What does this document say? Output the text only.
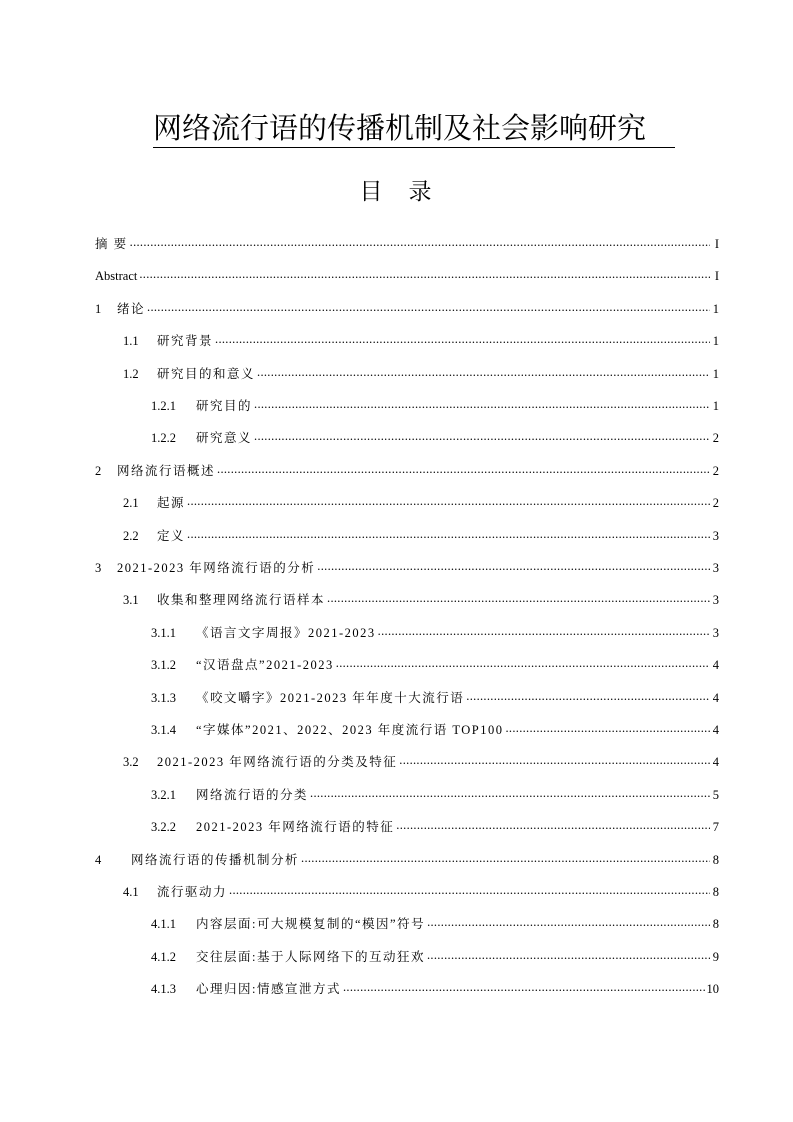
网络流行语的传播机制及社会影响研究
目 录
摘 要 .....	I
Abstract .....	I
1	绪论 .....	1
1.1	研究背景 .....	1
1.2	研究目的和意义 .....	1
1.2.1	研究目的 .....	1
1.2.2	研究意义 .....	2
2	网络流行语概述 .....	2
2.1	起源 .....	2
2.2	定义 .....	3
3	2021-2023 年网络流行语的分析 .....	3
3.1	收集和整理网络流行语样本 .....	3
3.1.1	《语言文字周报》2021-2023 .....	3
3.1.2	“汉语盘点”2021-2023 .....	4
3.1.3	《咬文嚼字》2021-2023 年年度十大流行语 .....	4
3.1.4	“字媒体”2021、2022、2023 年度流行语 TOP100 .....	4
3.2	2021-2023 年网络流行语的分类及特征 .....	4
3.2.1	网络流行语的分类 .....	5
3.2.2	2021-2023 年网络流行语的特征 .....	7
4	网络流行语的传播机制分析 .....	8
4.1	流行驱动力 .....	8
4.1.1	内容层面:可大规模复制的“模因”符号 .....	8
4.1.2	交往层面:基于人际网络下的互动狂欢 .....	9
4.1.3	心理归因:情感宣泄方式 .....	10
